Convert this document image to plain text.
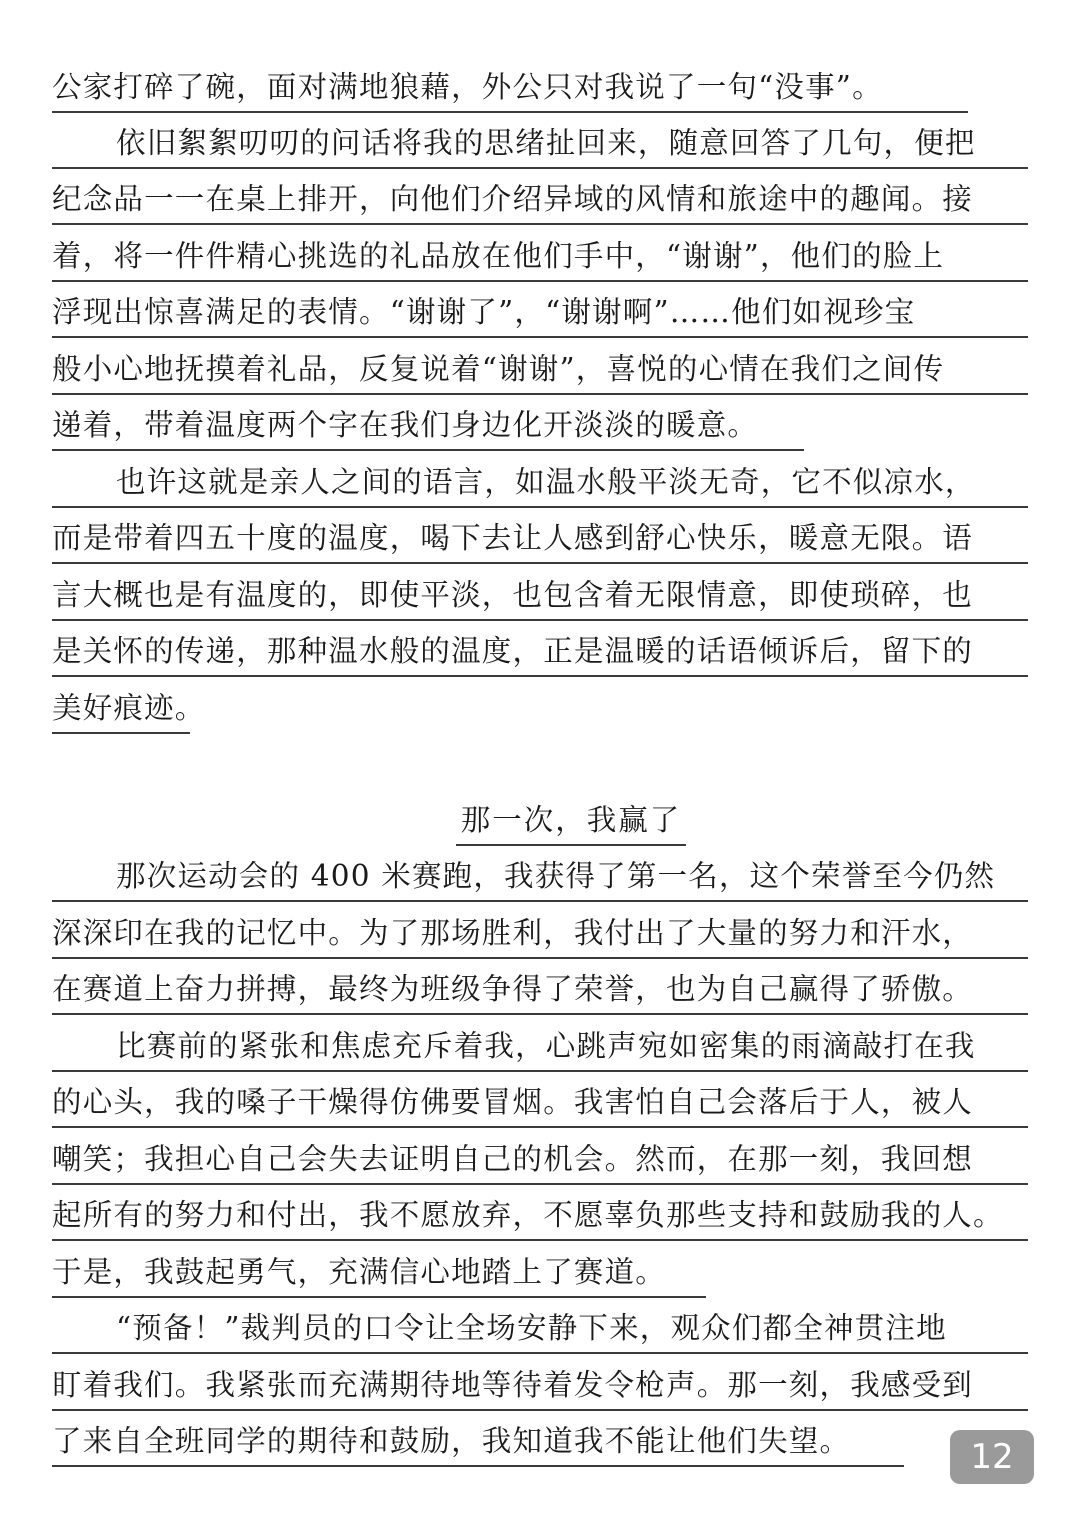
公家打碎了碗，面对满地狼藉，外公只对我说了一句“没事”。
依旧絮絮叨叨的问话将我的思绪扯回来，随意回答了几句，便把
纪念品一一在桌上排开，向他们介绍异域的风情和旅途中的趣闻。接
着，将一件件精心挑选的礼品放在他们手中，“谢谢”，他们的脸上
浮现出惊喜满足的表情。“谢谢了”，“谢谢啊”……他们如视珍宝
般小心地抚摸着礼品，反复说着“谢谢”，喜悦的心情在我们之间传
递着，带着温度两个字在我们身边化开淡淡的暖意。
也许这就是亲人之间的语言，如温水般平淡无奇，它不似凉水，
而是带着四五十度的温度，喝下去让人感到舒心快乐，暖意无限。语
言大概也是有温度的，即使平淡，也包含着无限情意，即使琐碎，也
是关怀的传递，那种温水般的温度，正是温暖的话语倾诉后，留下的
美好痕迹。
那一次，我赢了
那次运动会的 400 米赛跑，我获得了第一名，这个荣誉至今仍然
深深印在我的记忆中。为了那场胜利，我付出了大量的努力和汗水，
在赛道上奋力拼搏，最终为班级争得了荣誉，也为自己赢得了骄傲。
比赛前的紧张和焦虑充斥着我，心跳声宛如密集的雨滴敲打在我
的心头，我的嗓子干燥得仿佛要冒烟。我害怕自己会落后于人，被人
嘲笑；我担心自己会失去证明自己的机会。然而，在那一刻，我回想
起所有的努力和付出，我不愿放弃，不愿辜负那些支持和鼓励我的人。
于是，我鼓起勇气，充满信心地踏上了赛道。
“预备！”裁判员的口令让全场安静下来，观众们都全神贯注地
盯着我们。我紧张而充满期待地等待着发令枪声。那一刻，我感受到
了来自全班同学的期待和鼓励，我知道我不能让他们失望。	12
